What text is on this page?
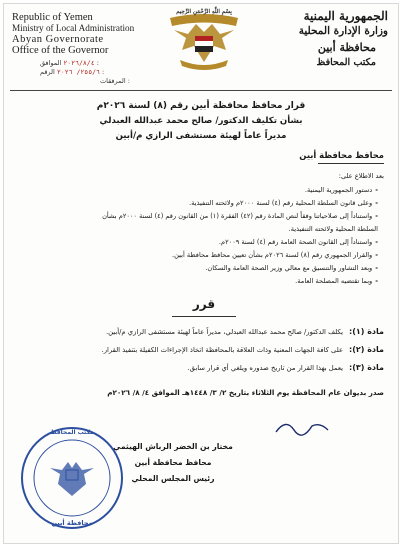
Republic of Yemen
Ministry of Local Administration
Abyan Governorate
Office of the Governor
٢٠٢٦/٨/٤ الموافق :
٢٥٥/٦/ ٢٠٢٦ الرقم :
المرفقات :
بِسْمِ اللَّهِ الرَّحْمَنِ الرَّحِيم	الجمهورية اليمنية
وزارة الإدارة المحلية
محافظة أبين
مكتب المحافظ
قرار محافظ محافظة أبين رقم (٨) لسنة ٢٠٢٦م
بشأن تكليف الدكتور/ صالح محمد عبدالله العبدلي
مديراً عاماً لهيئة مستشفى الرازي م/أبين
محافظ محافظة أبين
بعد الاطلاع على:
-دستور الجمهورية اليمنية.
-وعلى قانون السلطة المحلية رقم (٤) لسنة ٢٠٠٠م ولائحته التنفيذية.
-واستناداً إلى صلاحياتنا وفقاً لنص المادة رقم (٤٢) الفقرة (١) من القانون رقم (٤) لسنة ٢٠٠٠م بشأن
السلطة المحلية ولائحته التنفيذية.
-واستناداً إلى القانون الصحة العامة رقم (٤) لسنة ٢٠٠٩م.
-والقرار الجمهوري رقم (٨) لسنة ٢٠٢٦م بشأن تعيين محافظ محافظة أبين.
-وبعد التشاور والتنسيق مع معالي وزير الصحة العامة والسكان.
-وبما تقتضيه المصلحة العامة.
قرر
مادة (١):يكلف الدكتور/ صالح محمد عبدالله العبدلي، مديراً عاماً لهيئة مستشفى الرازي م/أبين.
مادة (٢):على كافة الجهات المعنية وذات العلاقة بالمحافظة اتخاذ الإجراءات الكفيلة بتنفيذ القرار.
مادة (٣):يعمل بهذا القرار من تاريخ صدوره ويلغي أي قرار سابق.
صدر بديوان عام المحافظة يوم الثلاثاء بتاريخ ٢/ ٣/ ١٤٤٨هـ الموافق ٤/ ٨/ ٢٠٢٦م
مختار بن الخضر الرباش الهيثمي
محافظ محافظة أبين
رئيس المجلس المحلي
محافظة أبين
مكتب المحافظ
